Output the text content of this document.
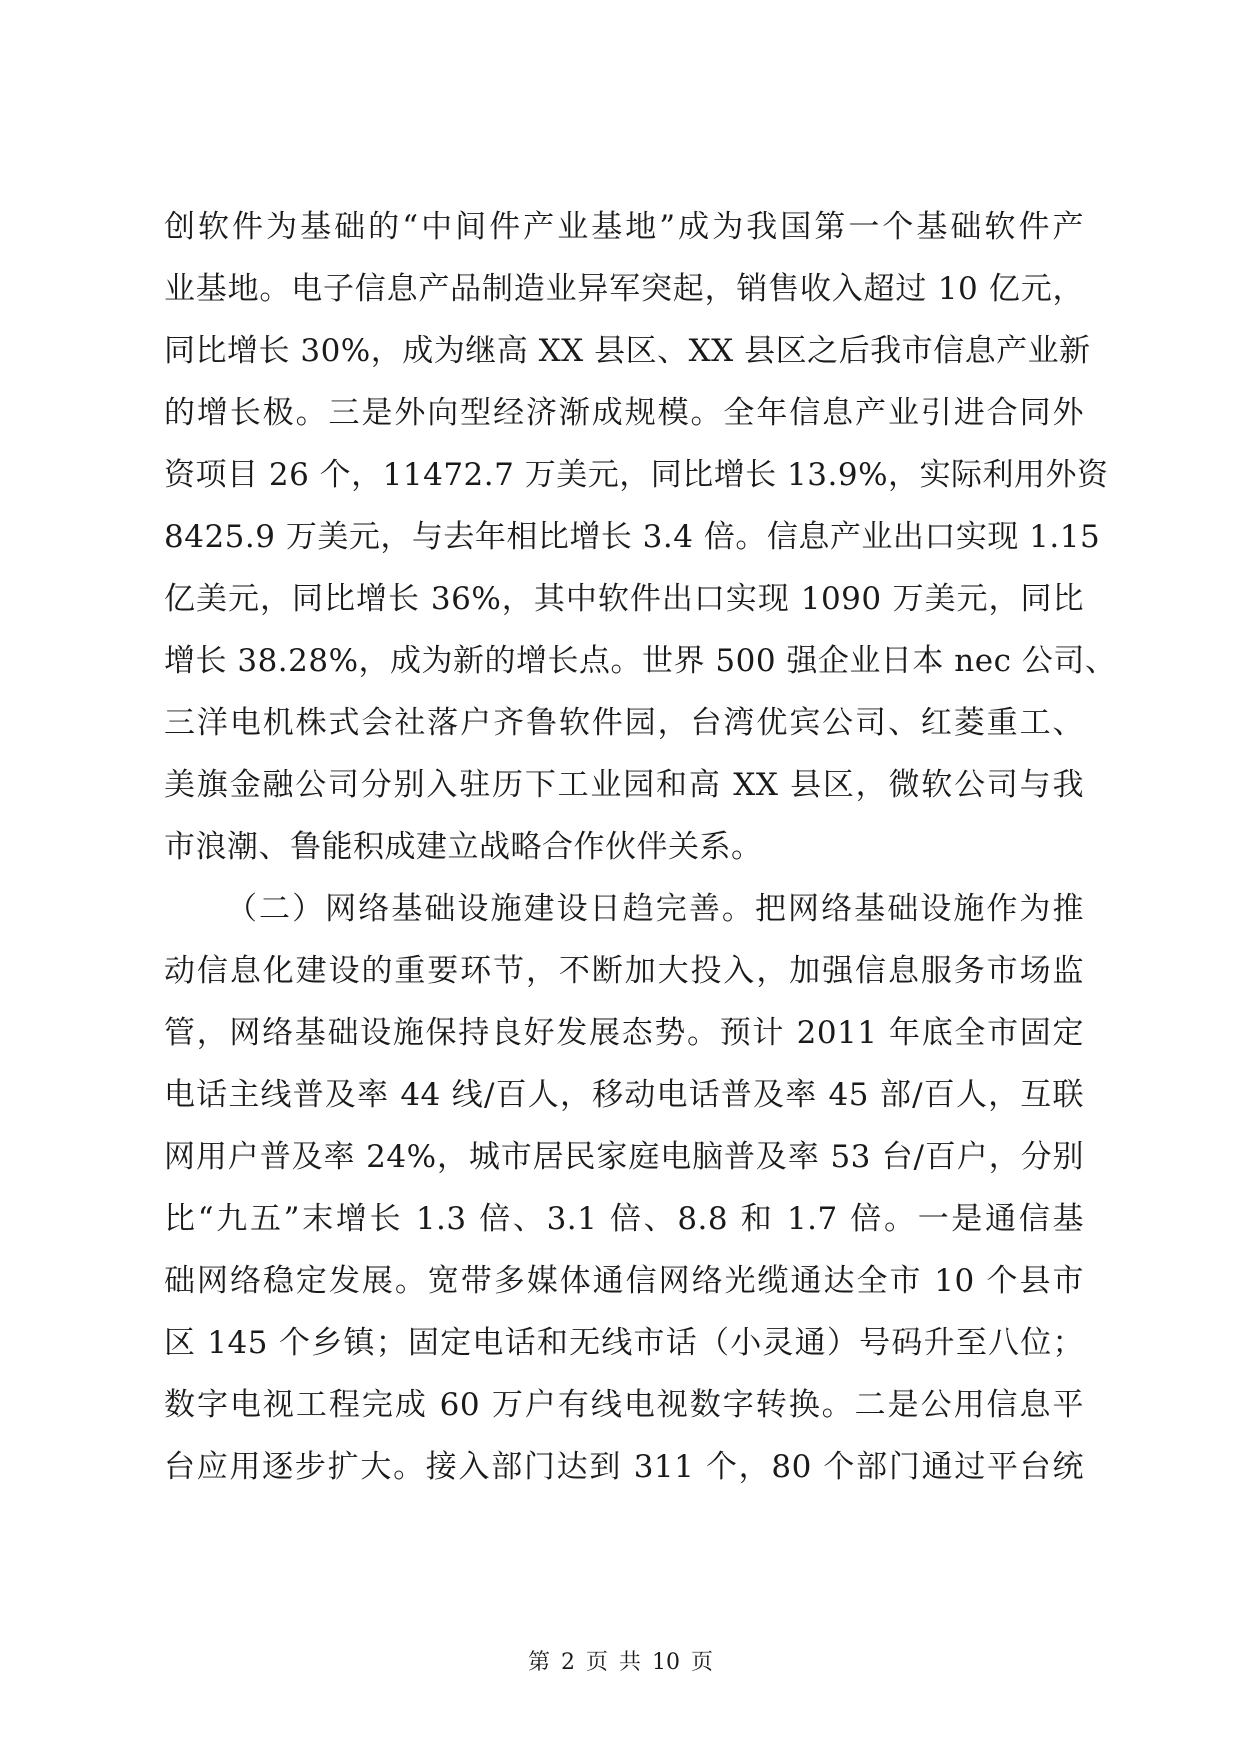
创软件为基础的“中间件产业基地”成为我国第一个基础软件产
业基地。电子信息产品制造业异军突起，销售收入超过 10 亿元，
同比增长 30%，成为继高 XX 县区、XX 县区之后我市信息产业新
的增长极。三是外向型经济渐成规模。全年信息产业引进合同外
资项目 26 个，11472.7 万美元，同比增长 13.9%，实际利用外资
8425.9 万美元，与去年相比增长 3.4 倍。信息产业出口实现 1.15
亿美元，同比增长 36%，其中软件出口实现 1090 万美元，同比
增长 38.28%，成为新的增长点。世界 500 强企业日本 nec 公司、
三洋电机株式会社落户齐鲁软件园，台湾优宾公司、红菱重工、
美旗金融公司分别入驻历下工业园和高 XX 县区，微软公司与我
市浪潮、鲁能积成建立战略合作伙伴关系。
（二）网络基础设施建设日趋完善。把网络基础设施作为推
动信息化建设的重要环节，不断加大投入，加强信息服务市场监
管，网络基础设施保持良好发展态势。预计 2011 年底全市固定
电话主线普及率 44 线/百人，移动电话普及率 45 部/百人，互联
网用户普及率 24%，城市居民家庭电脑普及率 53 台/百户，分别
比“九五”末增长 1.3 倍、3.1 倍、8.8 和 1.7 倍。一是通信基
础网络稳定发展。宽带多媒体通信网络光缆通达全市 10 个县市
区 145 个乡镇；固定电话和无线市话（小灵通）号码升至八位；
数字电视工程完成 60 万户有线电视数字转换。二是公用信息平
台应用逐步扩大。接入部门达到 311 个，80 个部门通过平台统
第 2 页 共 10 页
